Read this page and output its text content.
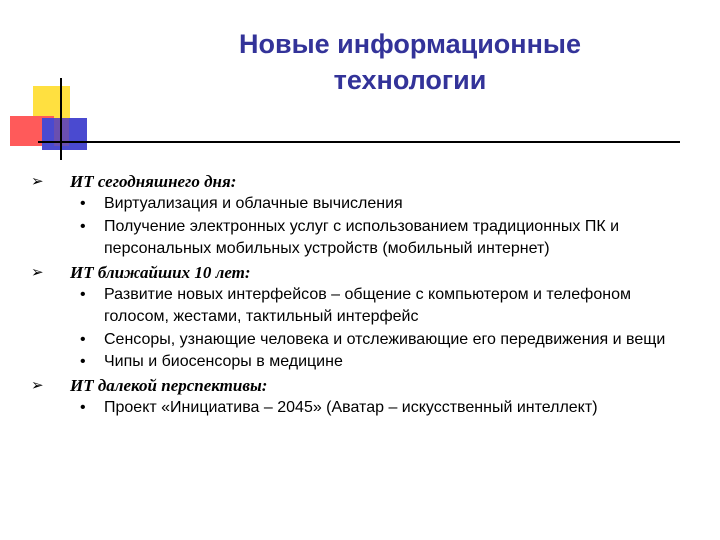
Новые информационные
технологии
➢ ИТ сегодняшнего дня:
• Виртуализация и облачные вычисления
• Получение электронных услуг с использованием традиционных ПК и персональных мобильных устройств (мобильный интернет)
➢ ИТ ближайших 10 лет:
• Развитие новых интерфейсов – общение с компьютером и телефоном голосом, жестами, тактильный интерфейс
• Сенсоры, узнающие человека и отслеживающие его передвижения и вещи
• Чипы и биосенсоры в медицине
➢ ИТ далекой перспективы:
• Проект «Инициатива – 2045» (Аватар – искусственный интеллект)
